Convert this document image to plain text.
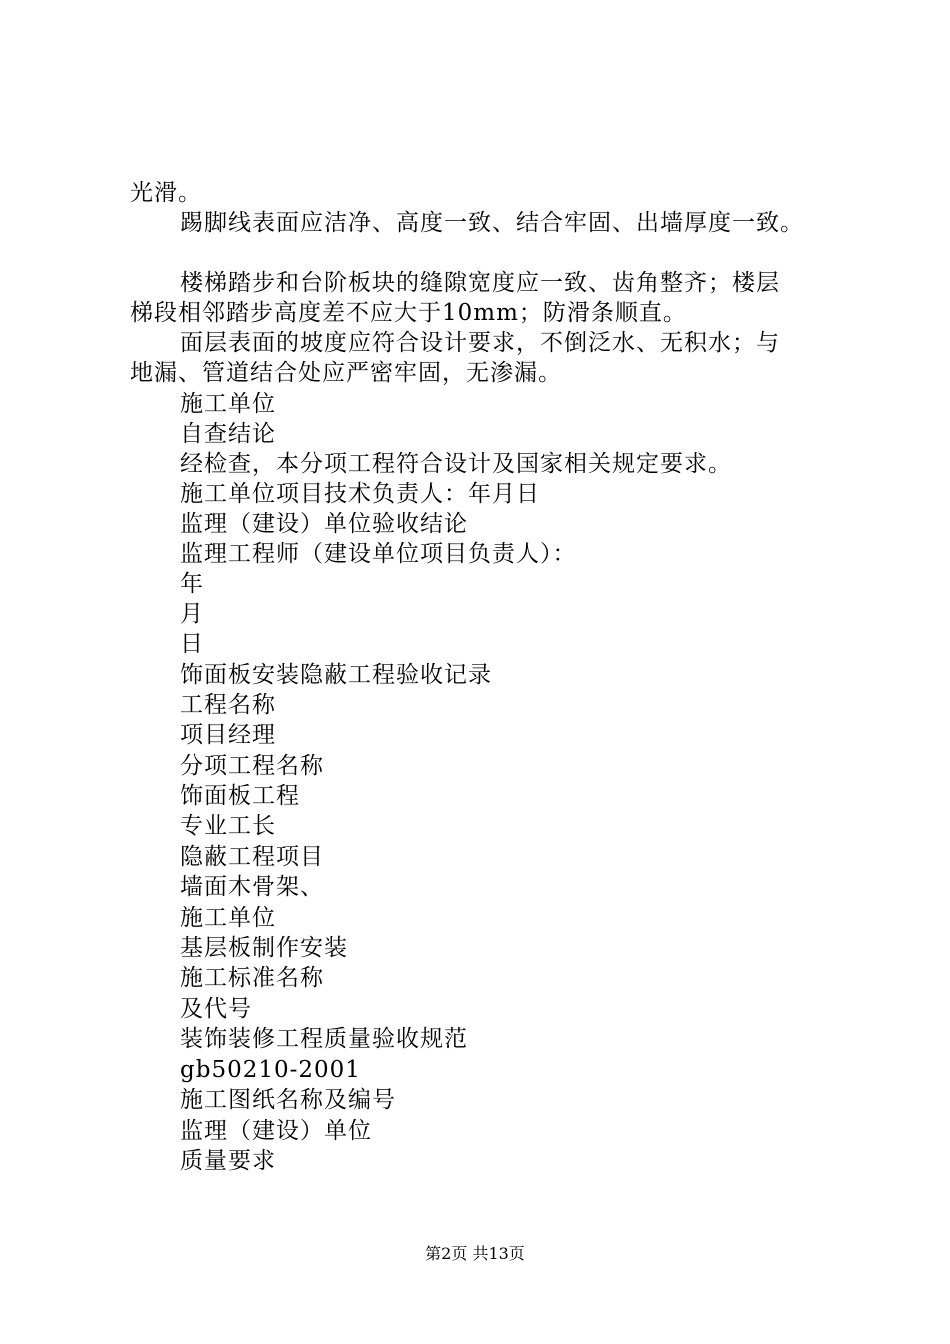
光滑。
踢脚线表面应洁净、高度一致、结合牢固、出墙厚度一致。
楼梯踏步和台阶板块的缝隙宽度应一致、齿角整齐；楼层
梯段相邻踏步高度差不应大于10mm；防滑条顺直。
面层表面的坡度应符合设计要求，不倒泛水、无积水；与
地漏、管道结合处应严密牢固，无渗漏。
施工单位
自查结论
经检查，本分项工程符合设计及国家相关规定要求。
施工单位项目技术负责人：年月日
监理（建设）单位验收结论
监理工程师（建设单位项目负责人）：
年
月
日
饰面板安装隐蔽工程验收记录
工程名称
项目经理
分项工程名称
饰面板工程
专业工长
隐蔽工程项目
墙面木骨架、
施工单位
基层板制作安装
施工标准名称
及代号
装饰装修工程质量验收规范
gb50210-2001
施工图纸名称及编号
监理（建设）单位
质量要求
第2页 共13页
